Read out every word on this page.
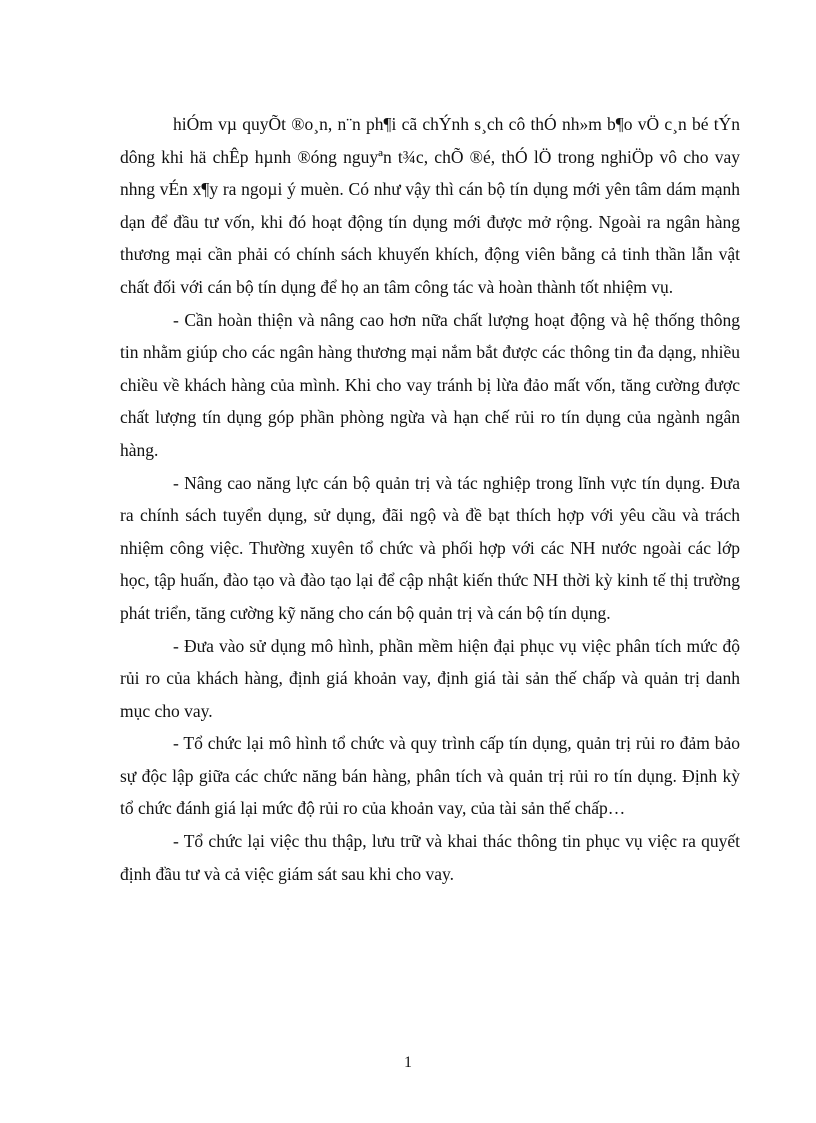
hiÓm vµ quyÕt ®o¸n, n¨n ph¶i cã chÝnh s¸ch cô thÓ nh»m b¶o vÖ c¸n bé tÝn dông khi hä chÊp hµnh ®óng nguyªn t¾c, chÕ ®é, thÓ lÖ trong nghiÖp vô cho vay nhng vÉn x¶y ra ngoµi ý muèn. Có như vậy thì cán bộ tín dụng mới yên tâm dám mạnh dạn để đầu tư vốn, khi đó hoạt động tín dụng mới được mở rộng. Ngoài ra ngân hàng thương mại cần phải có chính sách khuyến khích, động viên bằng cả tinh thần lẫn vật chất đối với cán bộ tín dụng để họ an tâm công tác và hoàn thành tốt nhiệm vụ.

- Cần hoàn thiện và nâng cao hơn nữa chất lượng hoạt động và hệ thống thông tin nhằm giúp cho các ngân hàng thương mại nắm bắt được các thông tin đa dạng, nhiều chiều về khách hàng của mình. Khi cho vay tránh bị lừa đảo mất vốn, tăng cường được chất lượng tín dụng góp phần phòng ngừa và hạn chế rủi ro tín dụng của ngành ngân hàng.

- Nâng cao năng lực cán bộ quản trị và tác nghiệp trong lĩnh vực tín dụng. Đưa ra chính sách tuyển dụng, sử dụng, đãi ngộ và đề bạt thích hợp với yêu cầu và trách nhiệm công việc. Thường xuyên tổ chức và phối hợp với các NH nước ngoài các lớp học, tập huấn, đào tạo và đào tạo lại để cập nhật kiến thức NH thời kỳ kinh tế thị trường phát triển, tăng cường kỹ năng cho cán bộ quản trị và cán bộ tín dụng.

- Đưa vào sử dụng mô hình, phần mềm hiện đại phục vụ việc phân tích mức độ rủi ro của khách hàng, định giá khoản vay, định giá tài sản thế chấp và quản trị danh mục cho vay.

- Tổ chức lại mô hình tổ chức và quy trình cấp tín dụng, quản trị rủi ro đảm bảo sự độc lập giữa các chức năng bán hàng, phân tích và quản trị rủi ro tín dụng. Định kỳ tổ chức đánh giá lại mức độ rủi ro của khoản vay, của tài sản thế chấp…

- Tổ chức lại việc thu thập, lưu trữ và khai thác thông tin phục vụ việc ra quyết định đầu tư và cả việc giám sát sau khi cho vay.

1
